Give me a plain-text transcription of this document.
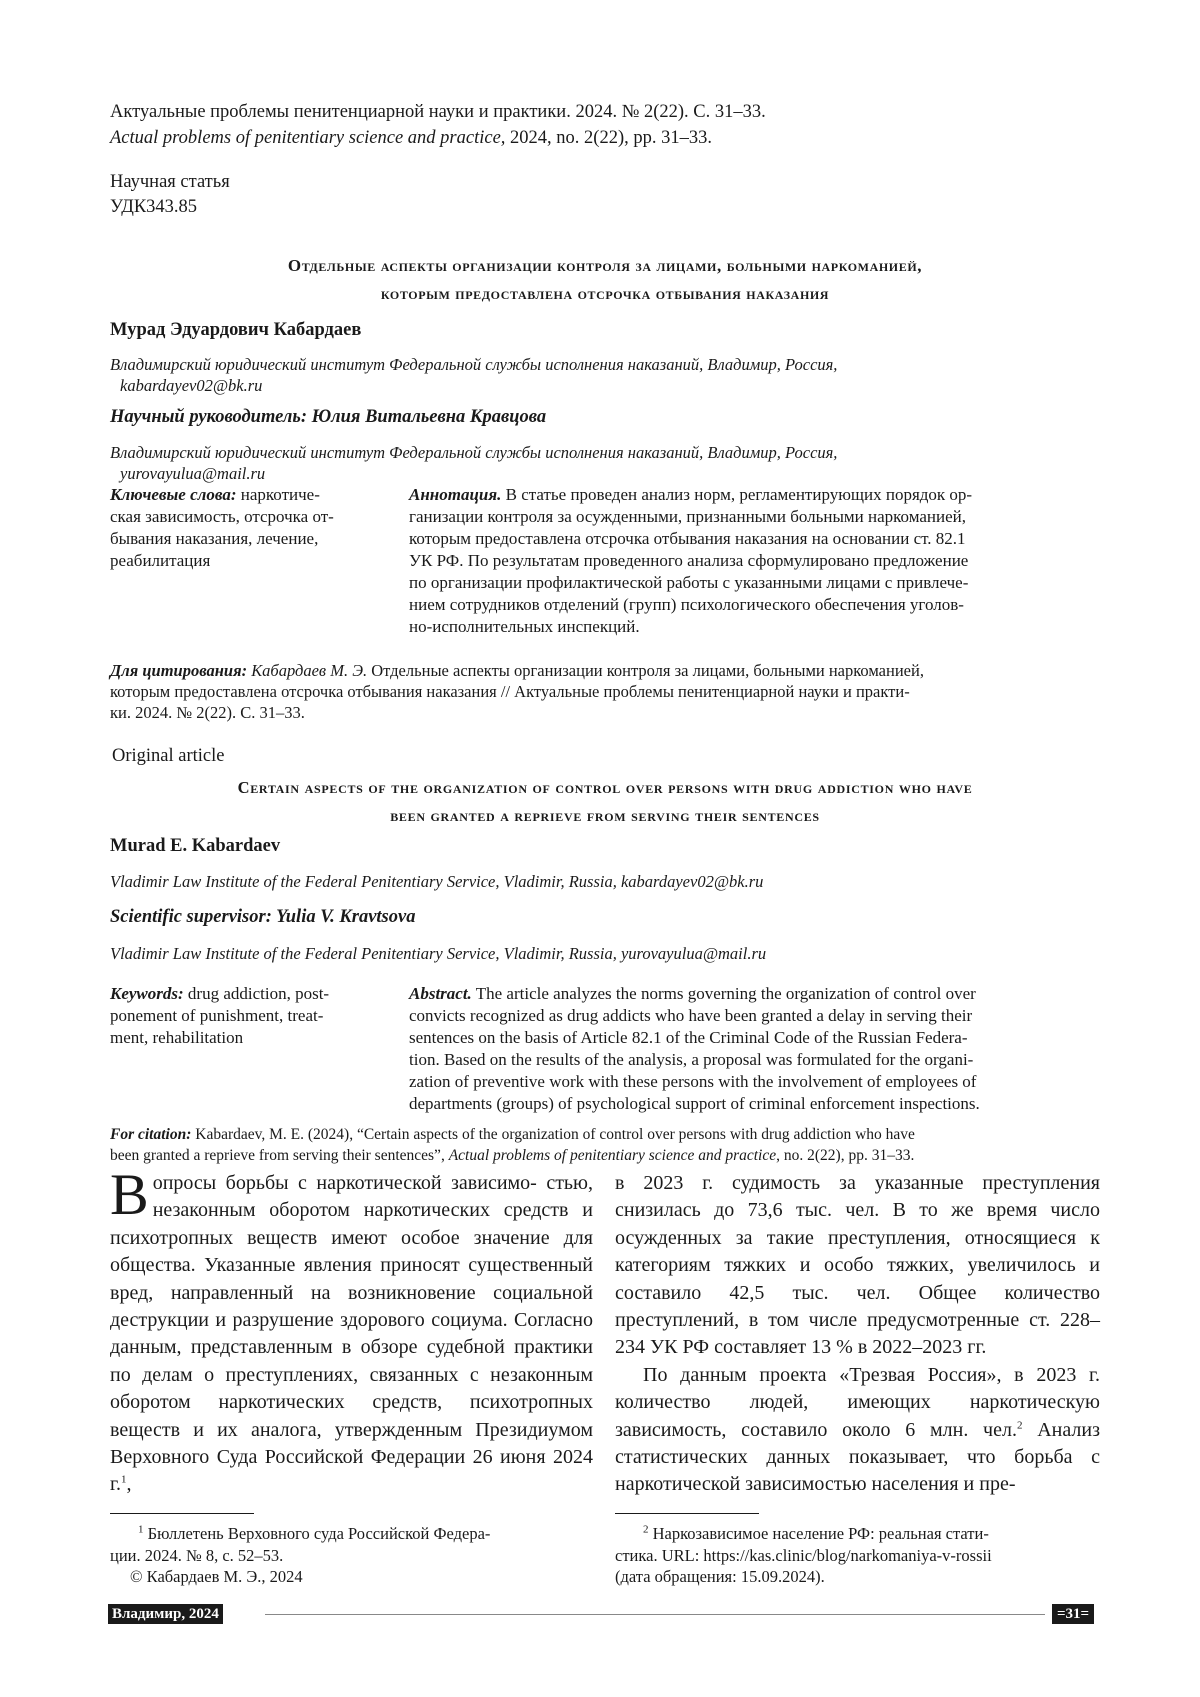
Актуальные проблемы пенитенциарной науки и практики. 2024. № 2(22). С. 31–33.
Actual problems of penitentiary science and practice, 2024, no. 2(22), pp. 31–33.
Научная статья
УДК343.85
Отдельные аспекты организации контроля за лицами, больными наркоманией,
которым предоставлена отсрочка отбывания наказания
Мурад Эдуардович Кабардаев
Владимирский юридический институт Федеральной службы исполнения наказаний, Владимир, Россия,
kabardayev02@bk.ru
Научный руководитель: Юлия Витальевна Кравцова
Владимирский юридический институт Федеральной службы исполнения наказаний, Владимир, Россия,
yurovayulua@mail.ru
Ключевые слова: наркотиче-
ская зависимость, отсрочка от-
бывания наказания, лечение,
реабилитация
Аннотация. В статье проведен анализ норм, регламентирующих порядок ор-
ганизации контроля за осужденными, признанными больными наркоманией,
которым предоставлена отсрочка отбывания наказания на основании ст. 82.1
УК РФ. По результатам проведенного анализа сформулировано предложение
по организации профилактической работы с указанными лицами с привлече-
нием сотрудников отделений (групп) психологического обеспечения уголов-
но-исполнительных инспекций.
Для цитирования: Кабардаев М. Э. Отдельные аспекты организации контроля за лицами, больными наркоманией,
которым предоставлена отсрочка отбывания наказания // Актуальные проблемы пенитенциарной науки и практи-
ки. 2024. № 2(22). С. 31–33.
Original article
Certain aspects of the organization of control over persons with drug addiction who have
been granted a reprieve from serving their sentences
Murad E. Kabardaev
Vladimir Law Institute of the Federal Penitentiary Service, Vladimir, Russia, kabardayev02@bk.ru
Scientific supervisor: Yulia V. Kravtsova
Vladimir Law Institute of the Federal Penitentiary Service, Vladimir, Russia, yurovayulua@mail.ru
Keywords: drug addiction, post-
ponement of punishment, treat-
ment, rehabilitation
Abstract. The article analyzes the norms governing the organization of control over
convicts recognized as drug addicts who have been granted a delay in serving their
sentences on the basis of Article 82.1 of the Criminal Code of the Russian Federa-
tion. Based on the results of the analysis, a proposal was formulated for the organi-
zation of preventive work with these persons with the involvement of employees of
departments (groups) of psychological support of criminal enforcement inspections.
For citation: Kabardaev, M. E. (2024), “Certain aspects of the organization of control over persons with drug addiction who have
been granted a reprieve from serving their sentences”, Actual problems of penitentiary science and practice, no. 2(22), pp. 31–33.
Вопросы борьбы с наркотической зависимо- стью, незаконным оборотом наркотических средств и психотропных веществ имеют особое значение для общества. Указанные явления приносят существенный вред, направленный на возникновение социальной деструкции и разрушение здорового социума. Согласно данным, представленным в обзоре судебной практики по делам о преступлениях, связанных с незаконным оборотом наркотических средств, психотропных веществ и их аналога, утвержденным Президиумом Верховного Суда Российской Федерации 26 июня 2024 г.$^1$,
в 2023 г. судимость за указанные преступления снизилась до 73,6 тыс. чел. В то же время число осужденных за такие преступления, относящиеся к категориям тяжких и особо тяжких, увеличилось и составило 42,5 тыс. чел. Общее количество преступлений, в том числе предусмотренные ст. 228–234 УК РФ составляет 13 % в 2022–2023 гг.
По данным проекта «Трезвая Россия», в 2023 г. количество людей, имеющих наркотическую зависимость, составило около 6 млн. чел.$^2$ Анализ статистических данных показывает, что борьба с наркотической зависимостью населения и пре-
$^1$ Бюллетень Верховного суда Российской Федера-
ции. 2024. № 8, с. 52–53.
© Кабардаев М. Э., 2024
$^2$ Наркозависимое население РФ: реальная стати-
стика. URL: https://kas.clinic/blog/narkomaniya-v-rossii
(дата обращения: 15.09.2024).
Владимир, 2024	=31=
